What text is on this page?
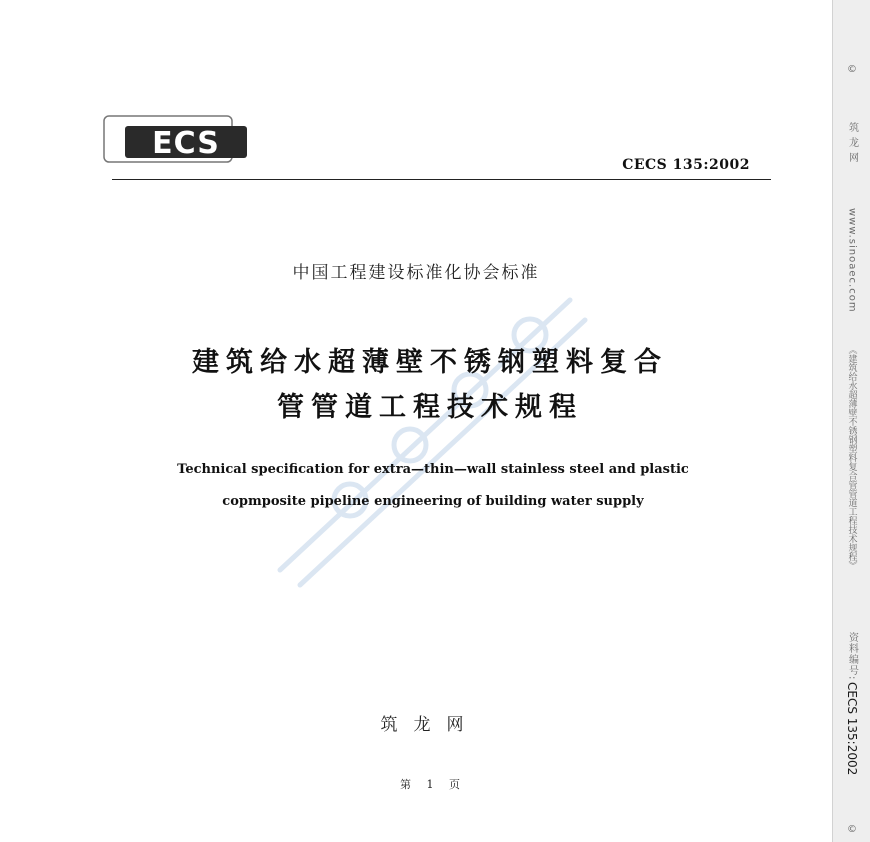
ECS
CECS 135:2002
中国工程建设标准化协会标准
建筑给水超薄壁不锈钢塑料复合
管管道工程技术规程
Technical specification for extra—thin—wall stainless steel and plastic
copmposite pipeline engineering of building water supply
筑龙网
第 1 页
©
筑 龙 网
www.sinoaec.com
《建筑给水超薄壁不锈钢塑料复合管管道工程技术规程》
资料编号:
CECS 135:2002
©
